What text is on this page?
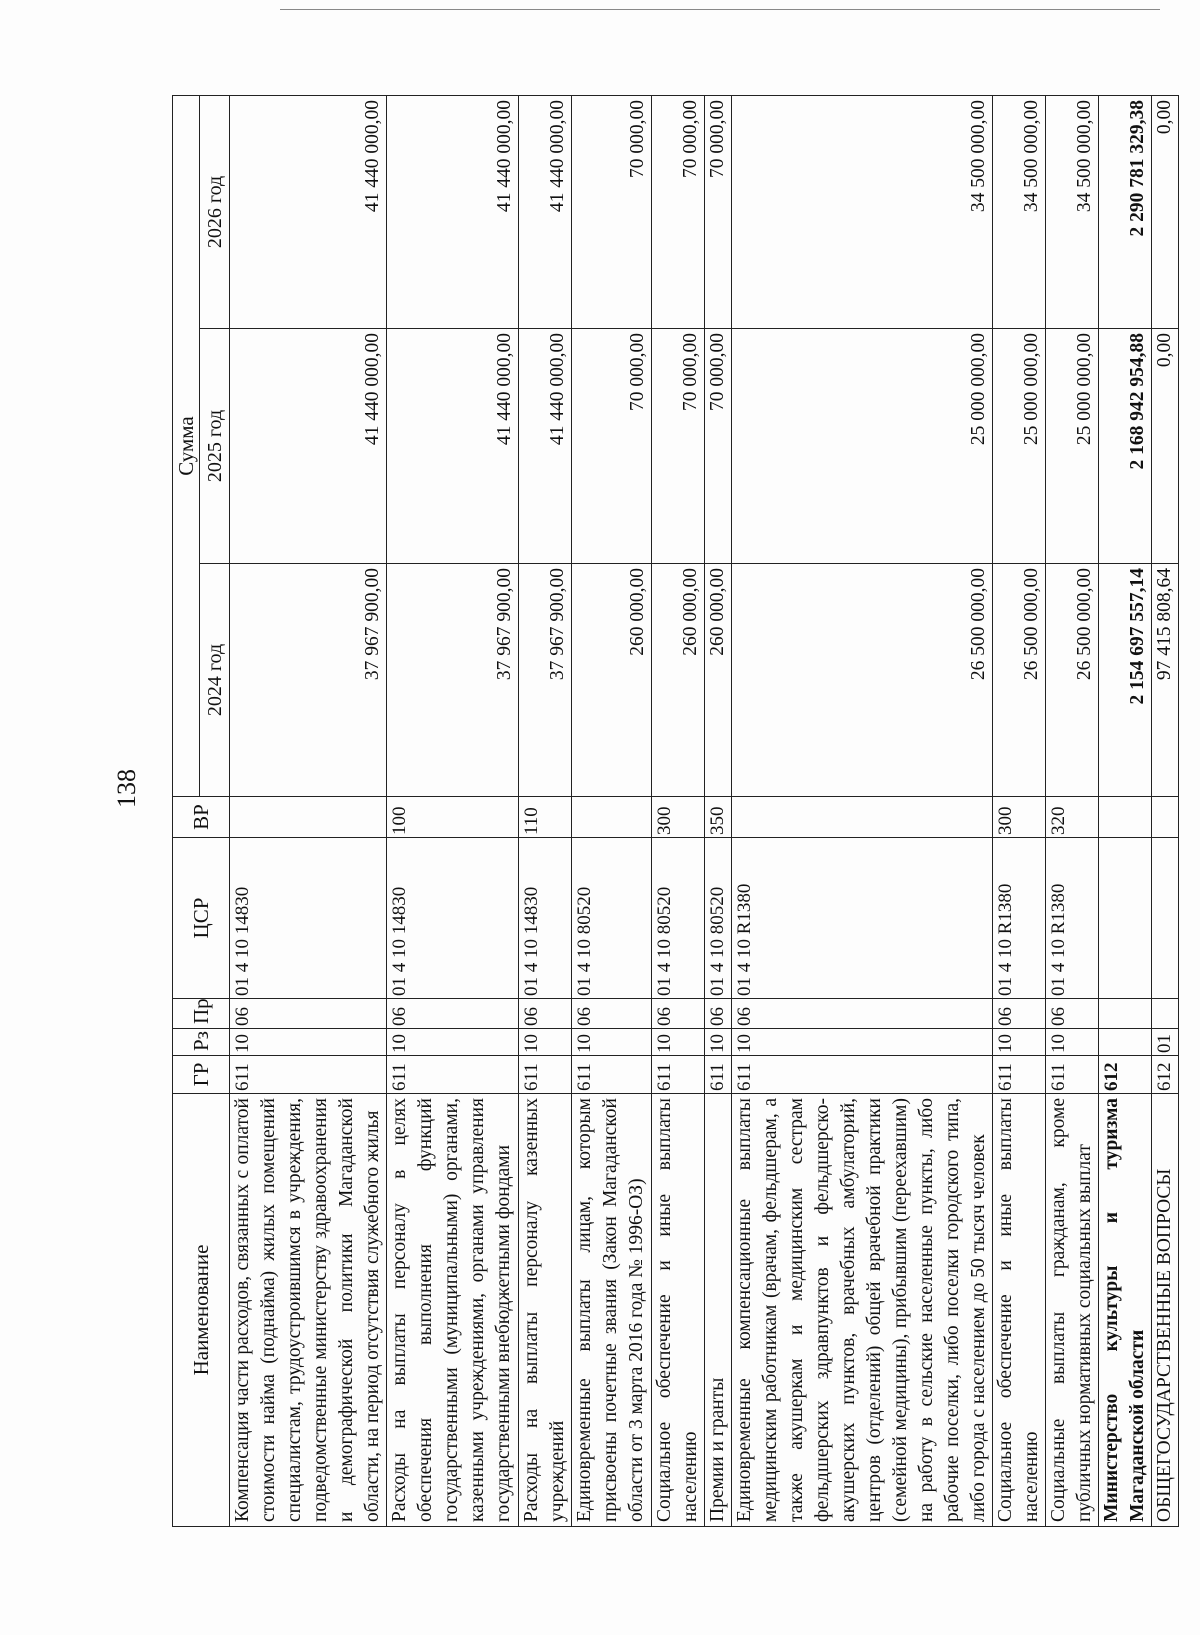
138
Наименование	ГР	Рз	Пр	ЦСР	ВР	Сумма		
						2024 год	2025 год	2026 год
Компенсация части расходов, связанных с оплатой стоимости найма (поднайма) жилых помещений специалистам, трудоустроившимся в учреждения, подведомственные министерству здравоохранения и демографической политики Магаданской области, на период отсутствия служебного жилья	611	10	06	01 4 10 14830		37 967 900,00	41 440 000,00	41 440 000,00
Расходы на выплаты персоналу в целях обеспечения выполнения функций государственными (муниципальными) органами, казенными учреждениями, органами управления государственными внебюджетными фондами	611	10	06	01 4 10 14830	100	37 967 900,00	41 440 000,00	41 440 000,00
Расходы на выплаты персоналу казенных учреждений	611	10	06	01 4 10 14830	110	37 967 900,00	41 440 000,00	41 440 000,00
Единовременные выплаты лицам, которым присвоены почетные звания (Закон Магаданской области от 3 марта 2016 года № 1996-ОЗ)	611	10	06	01 4 10 80520		260 000,00	70 000,00	70 000,00
Социальное обеспечение и иные выплаты населению	611	10	06	01 4 10 80520	300	260 000,00	70 000,00	70 000,00
Премии и гранты	611	10	06	01 4 10 80520	350	260 000,00	70 000,00	70 000,00
Единовременные компенсационные выплаты медицинским работникам (врачам, фельдшерам, а также акушеркам и медицинским сестрам фельдшерских здравпунктов и фельдшерско-акушерских пунктов, врачебных амбулаторий, центров (отделений) общей врачебной практики (семейной медицины), прибывшим (переехавшим) на работу в сельские населенные пункты, либо рабочие поселки, либо поселки городского типа, либо города с населением до 50 тысяч человек	611	10	06	01 4 10 R1380		26 500 000,00	25 000 000,00	34 500 000,00
Социальное обеспечение и иные выплаты населению	611	10	06	01 4 10 R1380	300	26 500 000,00	25 000 000,00	34 500 000,00
Социальные выплаты гражданам, кроме публичных нормативных социальных выплат	611	10	06	01 4 10 R1380	320	26 500 000,00	25 000 000,00	34 500 000,00
Министерство культуры и туризма Магаданской области	612					2 154 697 557,14	2 168 942 954,88	2 290 781 329,38
ОБЩЕГОСУДАРСТВЕННЫЕ ВОПРОСЫ	612	01				97 415 808,64	0,00	0,00
